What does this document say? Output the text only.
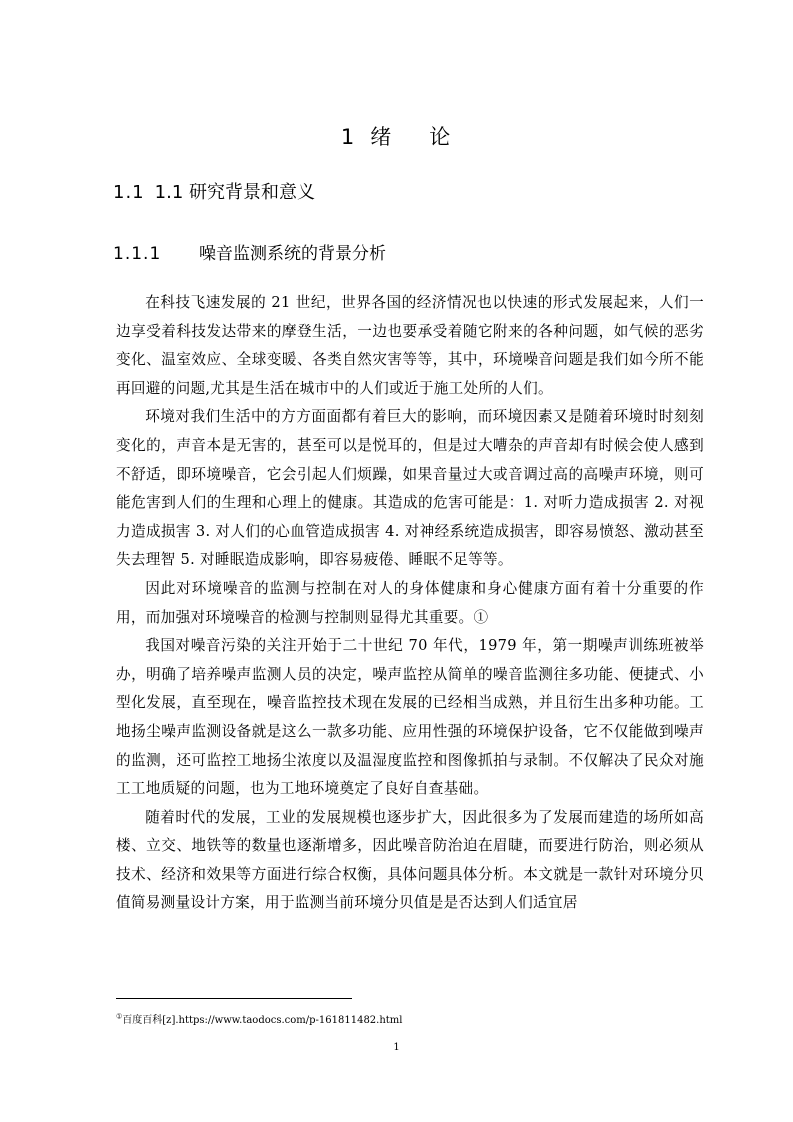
1 绪 论
1.1 1.1 研究背景和意义
1.1.1 噪音监测系统的背景分析

在科技飞速发展的 21 世纪，世界各国的经济情况也以快速的形式发展起来，人们一边享受着科技发达带来的摩登生活，一边也要承受着随它附来的各种问题，如气候的恶劣变化、温室效应、全球变暖、各类自然灾害等等，其中，环境噪音问题是我们如今所不能再回避的问题,尤其是生活在城市中的人们或近于施工处所的人们。

环境对我们生活中的方方面面都有着巨大的影响，而环境因素又是随着环境时时刻刻变化的，声音本是无害的，甚至可以是悦耳的，但是过大嘈杂的声音却有时候会使人感到不舒适，即环境噪音，它会引起人们烦躁，如果音量过大或音调过高的高噪声环境，则可能危害到人们的生理和心理上的健康。其造成的危害可能是：1. 对听力造成损害 2. 对视力造成损害 3. 对人们的心血管造成损害 4. 对神经系统造成损害，即容易愤怒、激动甚至失去理智 5. 对睡眠造成影响，即容易疲倦、睡眠不足等等。

因此对环境噪音的监测与控制在对人的身体健康和身心健康方面有着十分重要的作用，而加强对环境噪音的检测与控制则显得尤其重要。①

我国对噪音污染的关注开始于二十世纪 70 年代，1979 年，第一期噪声训练班被举办，明确了培养噪声监测人员的决定，噪声监控从简单的噪音监测往多功能、便捷式、小型化发展，直至现在，噪音监控技术现在发展的已经相当成熟，并且衍生出多种功能。工地扬尘噪声监测设备就是这么一款多功能、应用性强的环境保护设备，它不仅能做到噪声的监测，还可监控工地扬尘浓度以及温湿度监控和图像抓拍与录制。不仅解决了民众对施工工地质疑的问题，也为工地环境奠定了良好自查基础。

随着时代的发展，工业的发展规模也逐步扩大，因此很多为了发展而建造的场所如高楼、立交、地铁等的数量也逐渐增多，因此噪音防治迫在眉睫，而要进行防治，则必须从技术、经济和效果等方面进行综合权衡，具体问题具体分析。本文就是一款针对环境分贝值简易测量设计方案，用于监测当前环境分贝值是是否达到人们适宜居

①百度百科[z].https://www.taodocs.com/p-161811482.html
1
